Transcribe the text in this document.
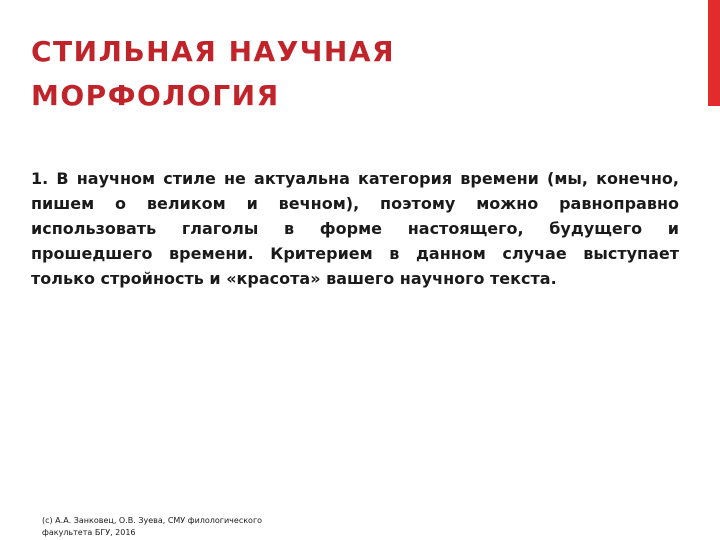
СТИЛЬНАЯ НАУЧНАЯ
МОРФОЛОГИЯ

1. В научном стиле не актуальна категория времени (мы, конечно, пишем о великом и вечном), поэтому можно равноправно использовать глаголы в форме настоящего, будущего и прошедшего времени. Критерием в данном случае выступает только стройность и «красота» вашего научного текста.

(с) А.А. Занковец, О.В. Зуева, СМУ филологического
факультета БГУ, 2016
